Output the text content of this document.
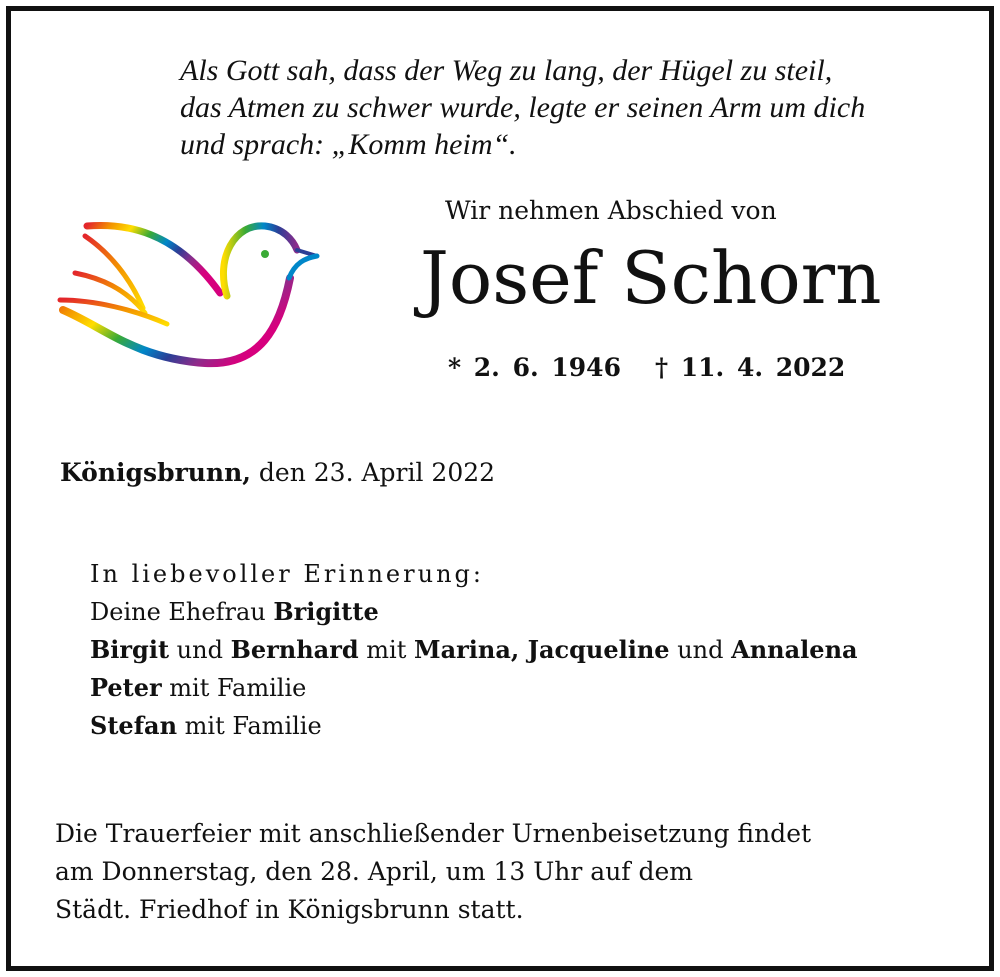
Als Gott sah, dass der Weg zu lang, der Hügel zu steil,
das Atmen zu schwer wurde, legte er seinen Arm um dich
und sprach: „Komm heim“.
Wir nehmen Abschied von
Josef Schorn
* 2. 6. 1946 † 11. 4. 2022
Königsbrunn, den 23. April 2022
In liebevoller Erinnerung:
Deine Ehefrau Brigitte
Birgit und Bernhard mit Marina, Jacqueline und Annalena
Peter mit Familie
Stefan mit Familie
Die Trauerfeier mit anschließender Urnenbeisetzung findet
am Donnerstag, den 28. April, um 13 Uhr auf dem
Städt. Friedhof in Königsbrunn statt.
